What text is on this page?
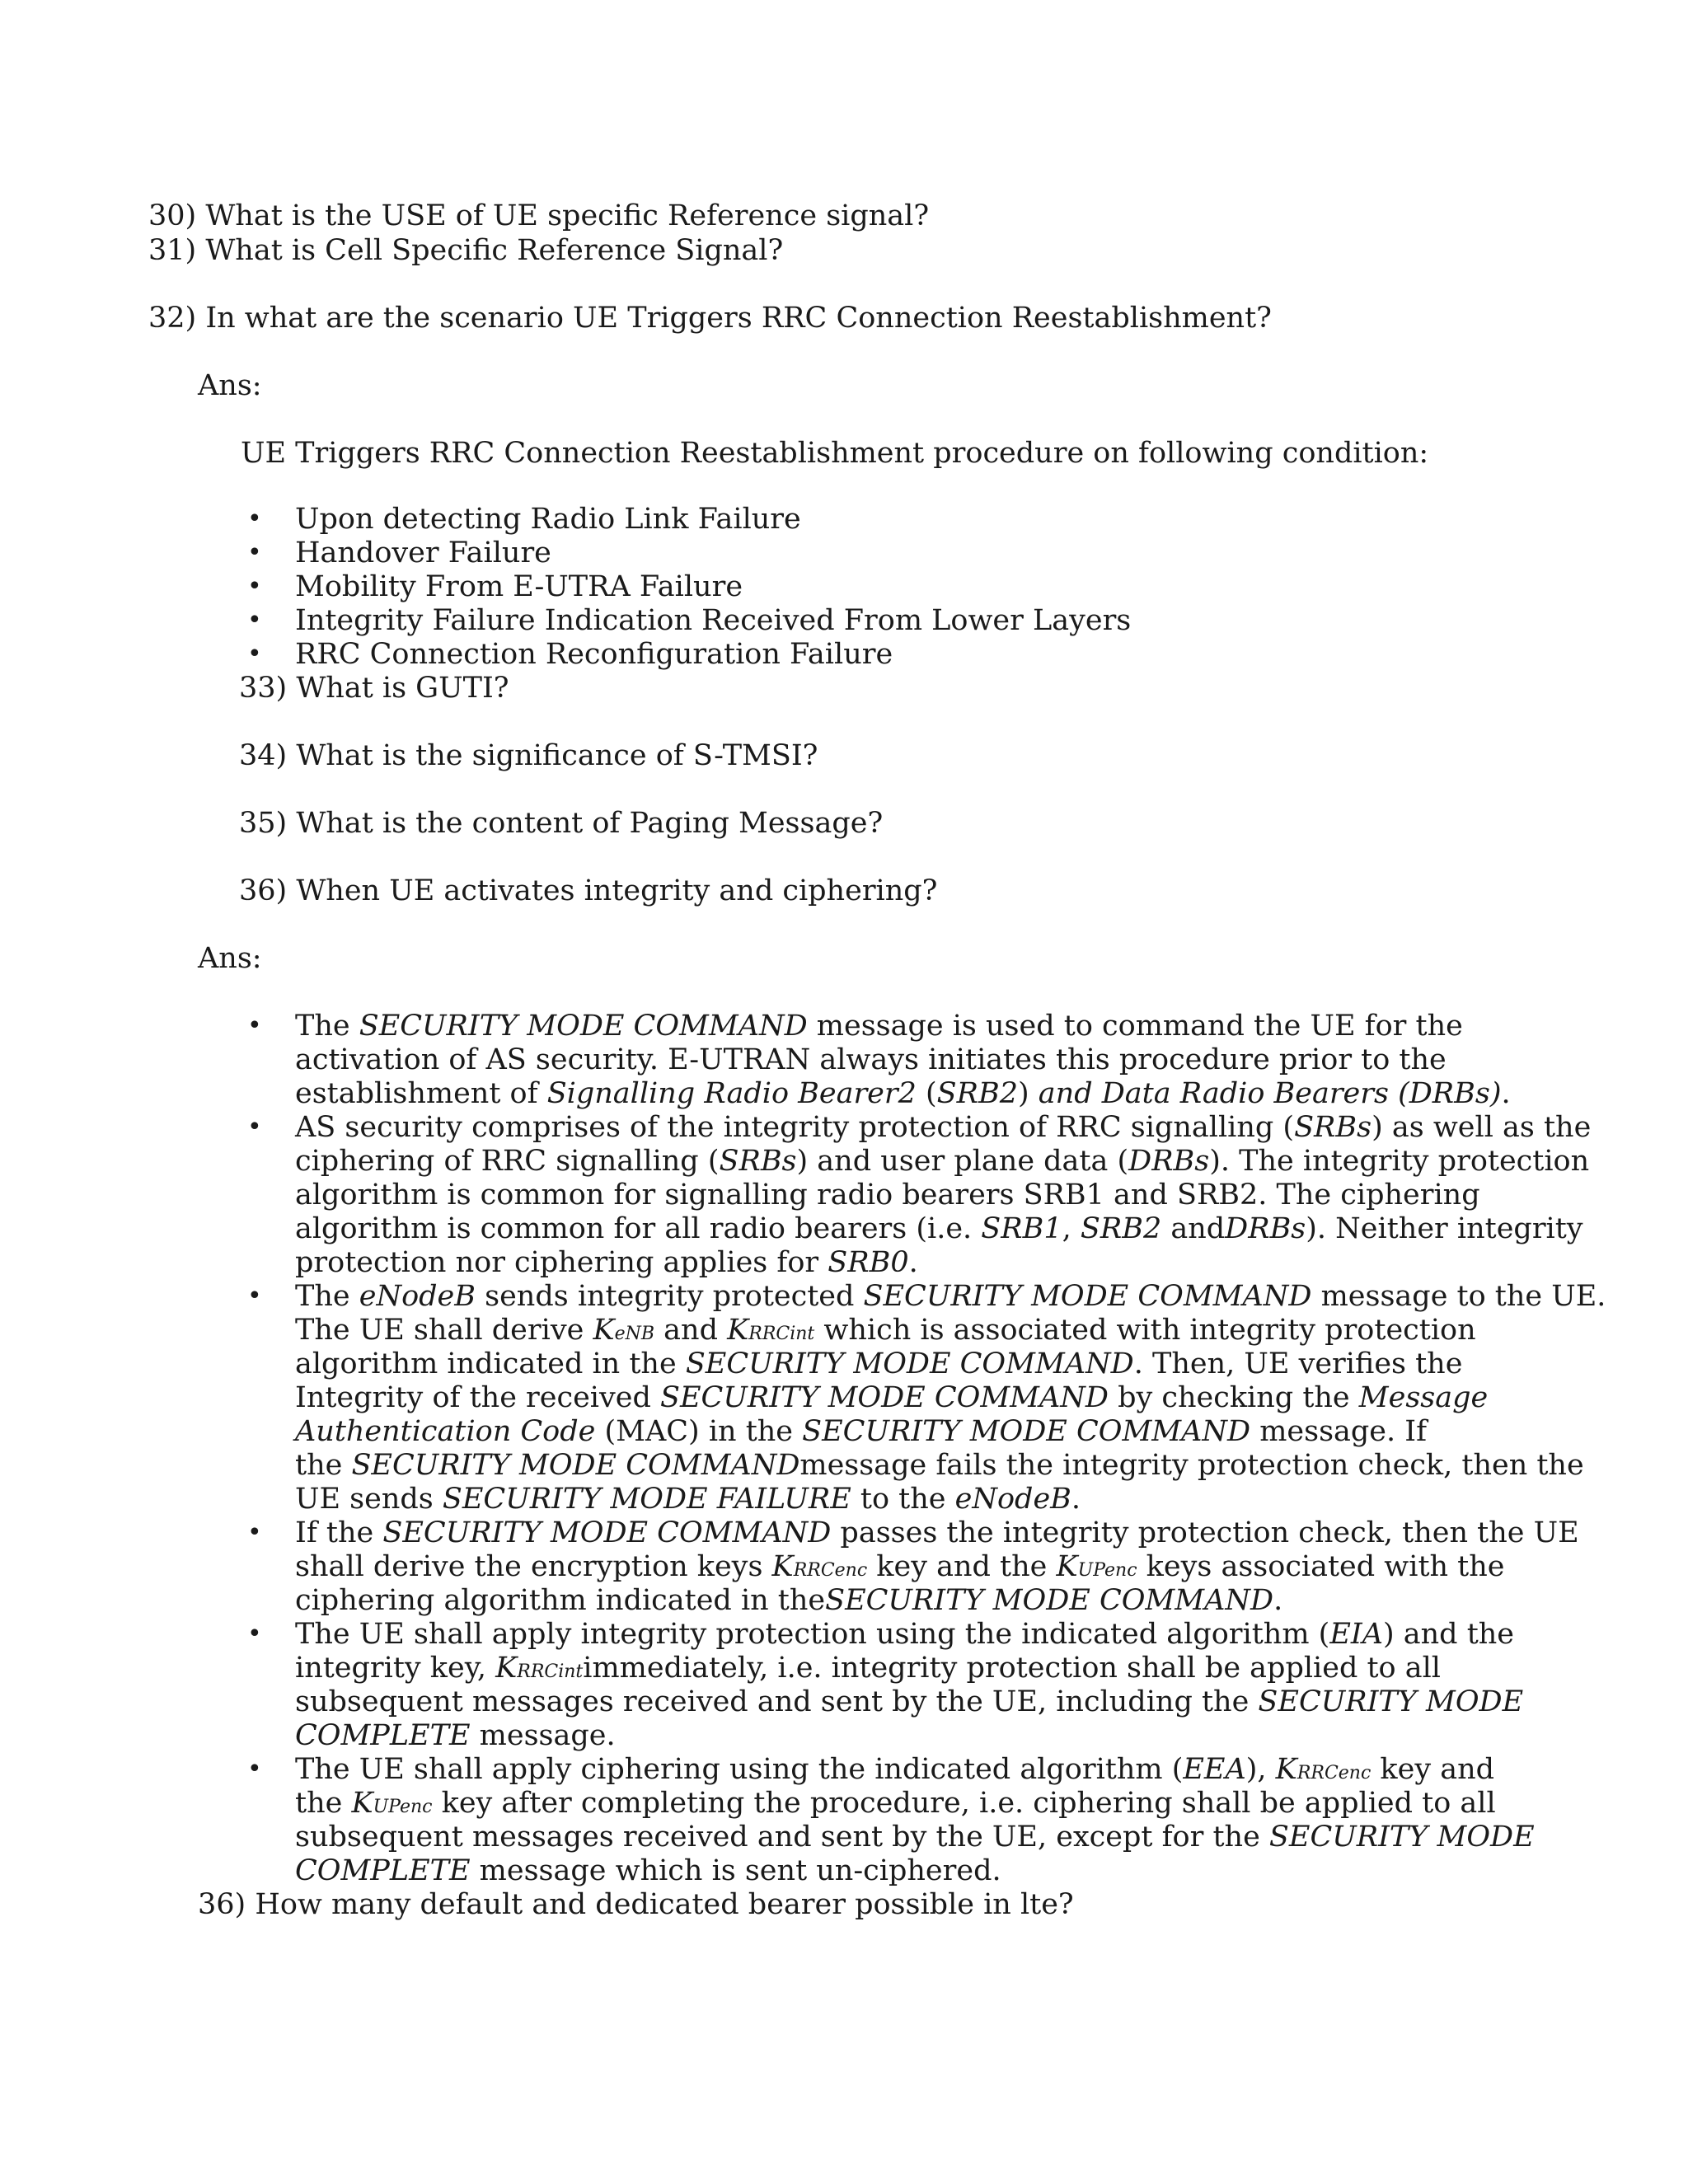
30) What is the USE of UE specific Reference signal?
31) What is Cell Specific Reference Signal?
32) In what are the scenario UE Triggers RRC Connection Reestablishment?
Ans:
UE Triggers RRC Connection Reestablishment procedure on following condition:
• Upon detecting Radio Link Failure
• Handover Failure
• Mobility From E-UTRA Failure
• Integrity Failure Indication Received From Lower Layers
• RRC Connection Reconfiguration Failure
33) What is GUTI?
34) What is the significance of S-TMSI?
35) What is the content of Paging Message?
36) When UE activates integrity and ciphering?
Ans:
• The SECURITY MODE COMMAND message is used to command the UE for the
activation of AS security. E-UTRAN always initiates this procedure prior to the
establishment of Signalling Radio Bearer2 (SRB2) and Data Radio Bearers (DRBs).
• AS security comprises of the integrity protection of RRC signalling (SRBs) as well as the
ciphering of RRC signalling (SRBs) and user plane data (DRBs). The integrity protection
algorithm is common for signalling radio bearers SRB1 and SRB2. The ciphering
algorithm is common for all radio bearers (i.e. SRB1, SRB2 andDRBs). Neither integrity
protection nor ciphering applies for SRB0.
• The eNodeB sends integrity protected SECURITY MODE COMMAND message to the UE.
The UE shall derive KeNB and KRRCint which is associated with integrity protection
algorithm indicated in the SECURITY MODE COMMAND. Then, UE verifies the
Integrity of the received SECURITY MODE COMMAND by checking the Message
Authentication Code (MAC) in the SECURITY MODE COMMAND message. If
the SECURITY MODE COMMANDmessage fails the integrity protection check, then the
UE sends SECURITY MODE FAILURE to the eNodeB.
• If the SECURITY MODE COMMAND passes the integrity protection check, then the UE
shall derive the encryption keys KRRCenc key and the KUPenc keys associated with the
ciphering algorithm indicated in theSECURITY MODE COMMAND.
• The UE shall apply integrity protection using the indicated algorithm (EIA) and the
integrity key, KRRCintimmediately, i.e. integrity protection shall be applied to all
subsequent messages received and sent by the UE, including the SECURITY MODE
COMPLETE message.
• The UE shall apply ciphering using the indicated algorithm (EEA), KRRCenc key and
the KUPenc key after completing the procedure, i.e. ciphering shall be applied to all
subsequent messages received and sent by the UE, except for the SECURITY MODE
COMPLETE message which is sent un-ciphered.
36) How many default and dedicated bearer possible in lte?
